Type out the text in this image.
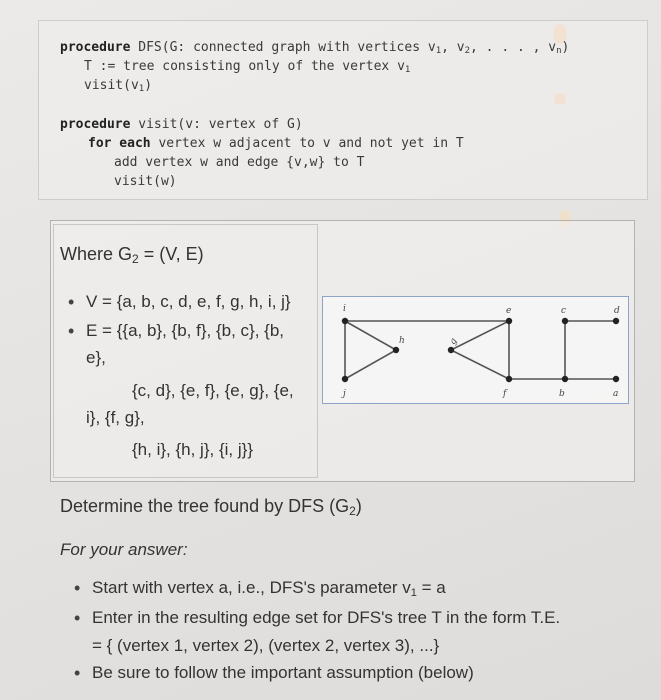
procedure DFS(G: connected graph with vertices $v_1$, $v_2$, . . . , $v_n$)
T := tree consisting only of the vertex $v_1$
$visit(v_1)$
procedure visit(v: vertex of G)
for each vertex w adjacent to v and not yet in T
add vertex w and edge {v,w} to T
visit(w)
Where G2 = (V, E)
• V = {a, b, c, d, e, f, g, h, i, j}
• E = {{a, b}, {b, f}, {b, c}, {b,
e},
{c, d}, {e, f}, {e, g}, {e,
i}, {f, g},
{h, i}, {h, j}, {i, j}}
i
h
j
g
e
f
c
b
d
a
Determine the tree found by DFS (G2)
For your answer:
• Start with vertex a, i.e., DFS's parameter v1 = a
• Enter in the resulting edge set for DFS's tree T in the form T.E.
= { (vertex 1, vertex 2), (vertex 2, vertex 3), ...}
• Be sure to follow the important assumption (below)
